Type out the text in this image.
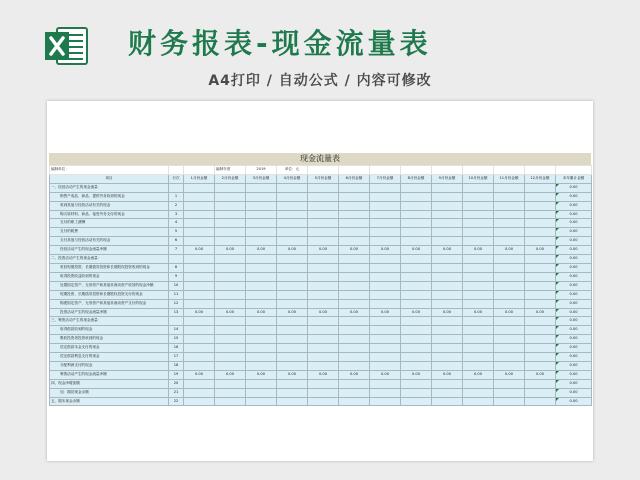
财务报表-现金流量表
A4打印 / 自动公式 / 内容可修改
现金流量表
编制单位：			编制年度	2019	单位：元									
项目	行次	1月份金额	2月份金额	3月份金额	4月份金额	5月份金额	6月份金额	7月份金额	8月份金额	9月份金额	10月份金额	11月份金额	12月份金额	本年累计金额
一、经营活动产生的现金流量：														0.00
销售产成品、商品、提供劳务收到的现金	1													0.00
收到其他与经营活动有关的现金	2													0.00
购买原材料、商品、接受劳务支付的现金	3													0.00
支付的职工薪酬	4													0.00
支付的税费	5													0.00
支付其他与经营活动有关的现金	6													0.00
经营活动产生的现金流量净额	7	0.00	0.00	0.00	0.00	0.00	0.00	0.00	0.00	0.00	0.00	0.00	0.00	0.00
二、投资活动产生的现金流量：														0.00
收回短期投资、长期债券投资和长期股权投资收到的现金	8													0.00
取得投资收益收到的现金	9													0.00
处置固定资产、无形资产和其他非流动资产收回的现金净额	10													0.00
短期投资、长期债券投资和长期股权投资支付的现金	11													0.00
购建固定资产、无形资产和其他非流动资产支付的现金	12													0.00
投资活动产生的现金流量净额	13	0.00	0.00	0.00	0.00	0.00	0.00	0.00	0.00	0.00	0.00	0.00	0.00	0.00
三、筹资活动产生的现金流量：														0.00
取得借款收到的现金	14													0.00
吸收投资者投资收到的现金	15													0.00
偿还借款本金支付的现金	16													0.00
偿还借款利息支付的现金	17													0.00
分配利润支付的现金	18													0.00
筹资活动产生的现金流量净额	19	0.00	0.00	0.00	0.00	0.00	0.00	0.00	0.00	0.00	0.00	0.00	0.00	0.00
四、现金净增加额	20													0.00
加：期初现金余额	21													0.00
五、期末现金余额	22													0.00
